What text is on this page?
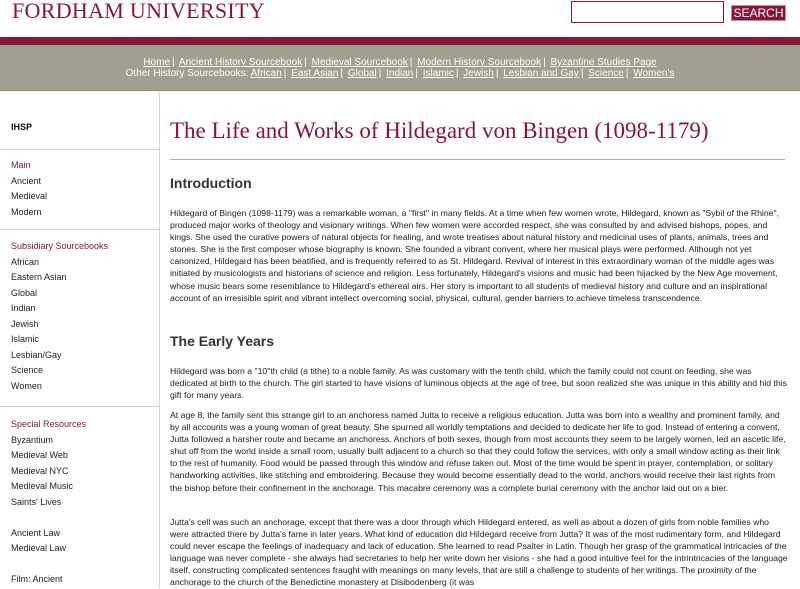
FORDHAM UNIVERSITY	SEARCH
Home | Ancient History Sourcebook | Medieval Sourcebook | Modern History Sourcebook | Byzantine Studies Page
Other History Sourcebooks: African | East Asian | Global | Indian | Islamic | Jewish | Lesbian and Gay | Science | Women's
IHSP
Main
Ancient
Medieval
Modern
Subsidiary Sourcebooks
African
Eastern Asian
Global
Indian
Jewish
Islamic
Lesbian/Gay
Science
Women
Special Resources
Byzantium
Medieval Web
Medieval NYC
Medieval Music
Saints' Lives
Ancient Law
Medieval Law
Film: Ancient
The Life and Works of Hildegard von Bingen (1098-1179)
Introduction

Hildegard of Bingen (1098-1179) was a remarkable woman, a "first" in many fields. At a time when few women wrote, Hildegard, known as "Sybil of the Rhine", produced major works of theology and visionary writings. When few women were accorded respect, she was consulted by and advised bishops, popes, and kings. She used the curative powers of natural objects for healing, and wrote treatises about natural history and medicinal uses of plants, animals, trees and stones. She is the first composer whose biography is known. She founded a vibrant convent, where her musical plays were performed. Although not yet canonized, Hildegard has been beatified, and is frequently referred to as St. Hildegard. Revival of interest in this extraordinary woman of the middle ages was initiated by musicologists and historians of science and religion. Less fortunately, Hildegard's visions and music had been hijacked by the New Age movement, whose music bears some resemblance to Hildegard's ethereal airs. Her story is important to all students of medieval history and culture and an inspirational account of an irresisible spirit and vibrant intellect overcoming social, physical, cultural, gender barriers to achieve timeless transcendence.

The Early Years

Hildegard was born a "10"th child (a tithe) to a noble family. As was customary with the tenth child, which the family could not count on feeding, she was dedicated at birth to the church. The girl started to have visions of luminous objects at the age of tree, but soon realized she was unique in this ability and hid this gift for many years.

At age 8, the family sent this strange girl to an anchoress named Jutta to receive a religious education. Jutta was born into a wealthy and prominent family, and by all accounts was a young woman of great beauty. She spurned all worldly temptations and decided to dedicate her life to god. Instead of entering a convent, Jutta followed a harsher route and became an anchoress. Anchors of both sexes, though from most accounts they seem to be largely women, led an ascetic life, shut off from the world inside a small room, usually built adjacent to a church so that they could follow the services, with only a small window acting as their link to the rest of humanity. Food would be passed through this window and refuse taken out. Most of the time would be spent in prayer, contemplation, or solitary handworking activities, like stitching and embroidering. Because they would become essentially dead to the world, anchors would receive their last rights from the bishop before their confinement in the anchorage. This macabre ceremony was a complete burial ceremony with the anchor laid out on a bier.

Jutta's cell was such an anchorage, except that there was a door through which Hildegard entered, as well as about a dozen of girls from noble families who were attracted there by Jutta's fame in later years. What kind of education did Hildegard receive from Jutta? It was of the most rudimentary form, and Hildegard could never escape the feelings of inadequacy and lack of education. She learned to read Psalter in Latin. Though her grasp of the grammatical intricacies of the language was never complete - she always had secretaries to help her write down her visions - she had a good intuitive feel for the intrintricacies of the language itself, constructing complicated sentences fraught with meanings on many levels, that are still a challenge to students of her writings. The proximity of the anchorage to the church of the Benedictine monastery at Disibodenberg (it was
